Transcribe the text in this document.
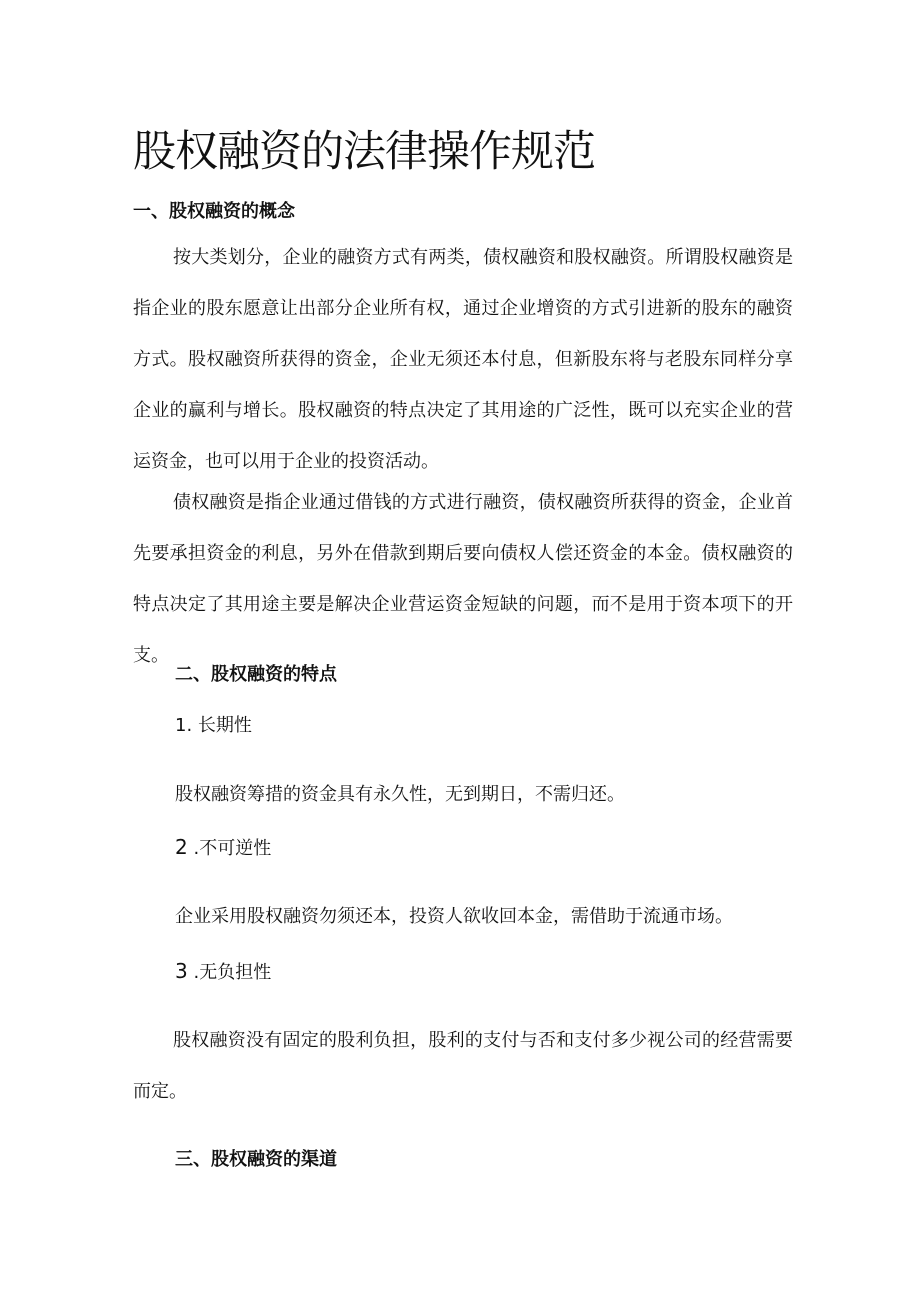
股权融资的法律操作规范
一、股权融资的概念

按大类划分，企业的融资方式有两类，债权融资和股权融资。所谓股权融资是指企业的股东愿意让出部分企业所有权，通过企业增资的方式引进新的股东的融资方式。股权融资所获得的资金，企业无须还本付息，但新股东将与老股东同样分享企业的赢利与增长。股权融资的特点决定了其用途的广泛性，既可以充实企业的营运资金，也可以用于企业的投资活动。

债权融资是指企业通过借钱的方式进行融资，债权融资所获得的资金，企业首先要承担资金的利息，另外在借款到期后要向债权人偿还资金的本金。债权融资的特点决定了其用途主要是解决企业营运资金短缺的问题，而不是用于资本项下的开支。

二、股权融资的特点
1. 长期性

股权融资筹措的资金具有永久性，无到期日，不需归还。

2 .不可逆性

企业采用股权融资勿须还本，投资人欲收回本金，需借助于流通市场。

3 .无负担性

股权融资没有固定的股利负担，股利的支付与否和支付多少视公司的经营需要而定。

三、股权融资的渠道
